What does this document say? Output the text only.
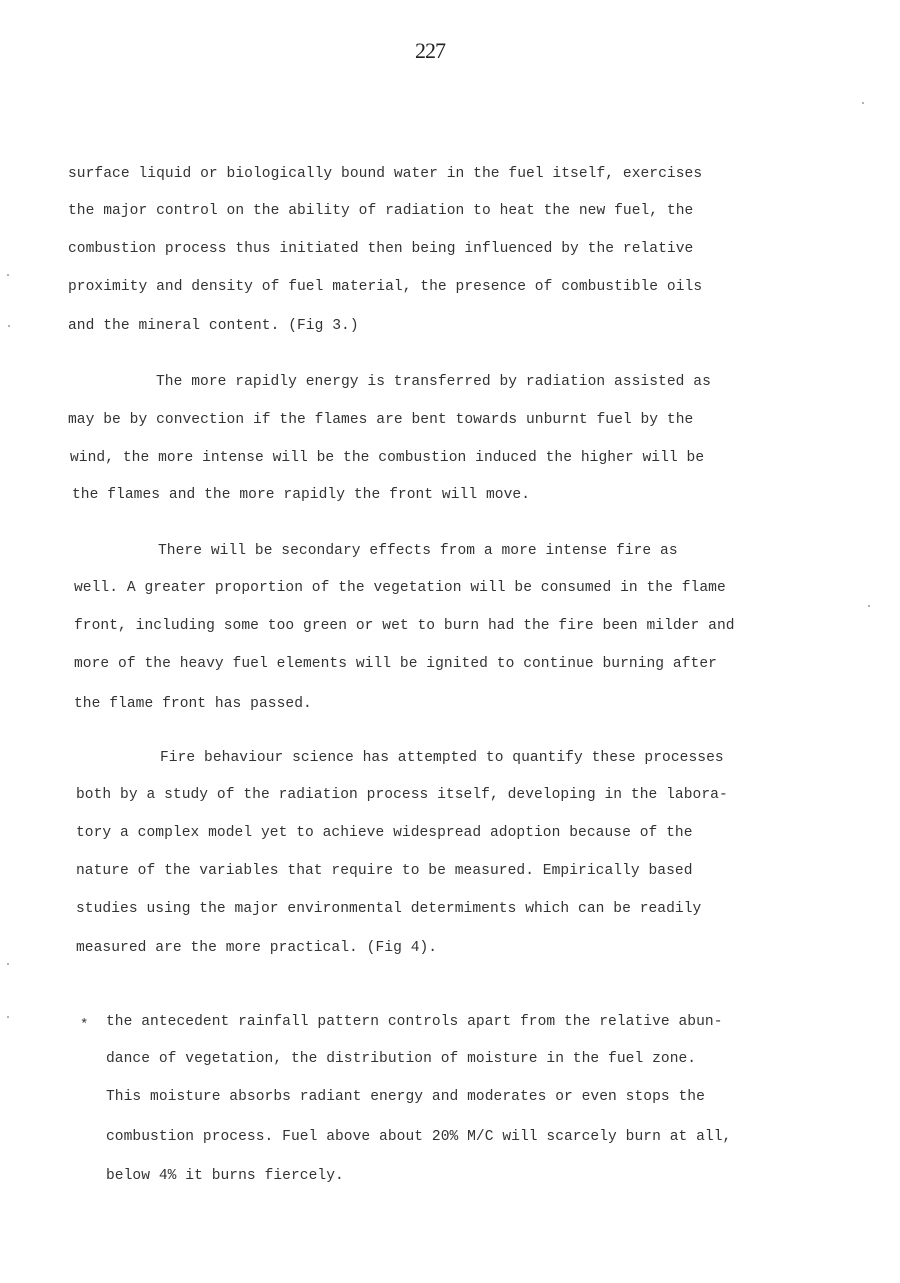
227
surface liquid or biologically bound water in the fuel itself, exercises
the major control on the ability of radiation to heat the new fuel, the
combustion process thus initiated then being influenced by the relative
proximity and density of fuel material, the presence of combustible oils
and the mineral content. (Fig 3.)
The more rapidly energy is transferred by radiation assisted as
may be by convection if the flames are bent towards unburnt fuel by the
wind, the more intense will be the combustion induced the higher will be
the flames and the more rapidly the front will move.
There will be secondary effects from a more intense fire as
well. A greater proportion of the vegetation will be consumed in the flame
front, including some too green or wet to burn had the fire been milder and
more of the heavy fuel elements will be ignited to continue burning after
the flame front has passed.
Fire behaviour science has attempted to quantify these processes
both by a study of the radiation process itself, developing in the labora-
tory a complex model yet to achieve widespread adoption because of the
nature of the variables that require to be measured. Empirically based
studies using the major environmental determiments which can be readily
measured are the more practical. (Fig 4).
* the antecedent rainfall pattern controls apart from the relative abun-
dance of vegetation, the distribution of moisture in the fuel zone.
This moisture absorbs radiant energy and moderates or even stops the
combustion process. Fuel above about 20% M/C will scarcely burn at all,
below 4% it burns fiercely.
